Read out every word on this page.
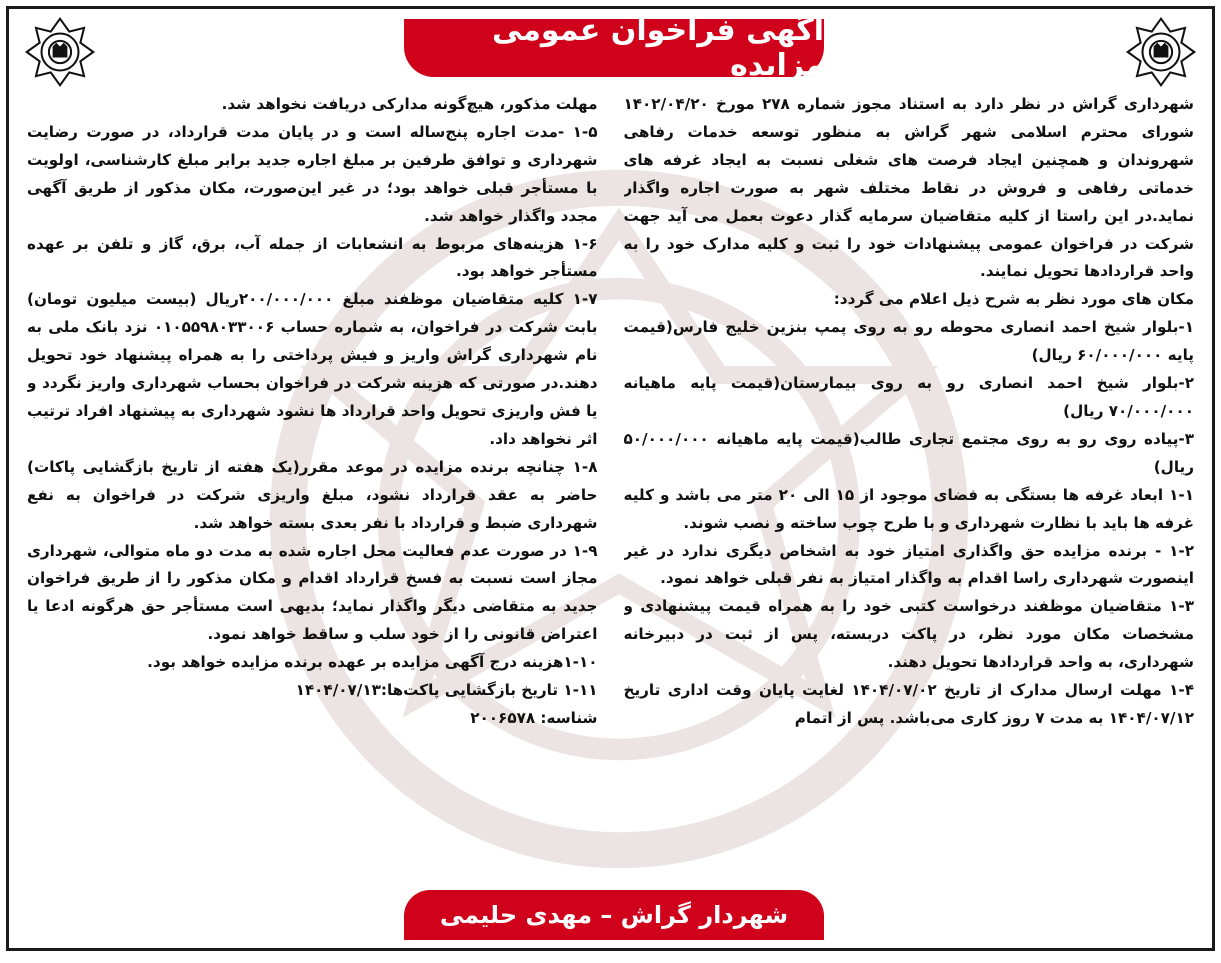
آگهی فراخوان عمومی مزایده

شهرداری گراش در نظر دارد به استناد مجوز شماره ۲۷۸ مورخ ۱۴۰۲/۰۴/۲۰ شورای محترم اسلامی شهر گراش به منظور توسعه خدمات رفاهی شهروندان و همچنین ایجاد فرصت های شغلی نسبت به ایجاد غرفه های خدماتی رفاهی و فروش در نقاط مختلف شهر به صورت اجاره واگذار نماید.در این راستا از کلیه متقاضیان سرمایه گذار دعوت بعمل می آید جهت شرکت در فراخوان عمومی پیشنهادات خود را ثبت و کلیه مدارک خود را به واحد قراردادها تحویل نمایند.

مکان های مورد نظر به شرح ذیل اعلام می گردد:

۱-بلوار شیخ احمد انصاری محوطه رو به روی پمپ بنزین خلیج فارس(قیمت پایه ۶۰/۰۰۰/۰۰۰ ریال)

۲-بلوار شیخ احمد انصاری رو به روی بیمارستان(قیمت پایه ماهیانه ۷۰/۰۰۰/۰۰۰ ریال)

۳-پیاده روی رو به روی مجتمع تجاری طالب(قیمت پایه ماهیانه ۵۰/۰۰۰/۰۰۰ ریال)

۱-۱ ابعاد غرفه ها بستگی به فضای موجود از ۱۵ الی ۲۰ متر می باشد و کلیه غرفه ها باید با نظارت شهرداری و با طرح چوب ساخته و نصب شوند.

۱-۲ - برنده مزایده حق واگذاری امتیاز خود به اشخاص دیگری ندارد در غیر اینصورت شهرداری راسا اقدام به واگذار امتیاز به نفر قبلی خواهد نمود.

۱-۳ متقاضیان موظفند درخواست کتبی خود را به همراه قیمت پیشنهادی و مشخصات مکان مورد نظر، در پاکت دربسته، پس از ثبت در دبیرخانه شهرداری، به واحد قراردادها تحویل دهند.

۱-۴ مهلت ارسال مدارک از تاریخ ۱۴۰۴/۰۷/۰۲ لغایت پایان وقت اداری تاریخ ۱۴۰۴/۰۷/۱۲ به مدت ۷ روز کاری می‌باشد. پس از اتمام

مهلت مذکور، هیچ‌گونه مدارکی دریافت نخواهد شد.

۱-۵ -مدت اجاره پنج‌ساله است و در پایان مدت قرارداد، در صورت رضایت شهرداری و توافق طرفین بر مبلغ اجاره جدید برابر مبلغ کارشناسی، اولویت با مستأجر قبلی خواهد بود؛ در غیر این‌صورت، مکان مذکور از طریق آگهی مجدد واگذار خواهد شد.

۱-۶ هزینه‌های مربوط به انشعابات از جمله آب، برق، گاز و تلفن بر عهده مستأجر خواهد بود.

۱-۷ کلیه متقاضیان موظفند مبلغ ۲۰۰/۰۰۰/۰۰۰ریال (بیست میلیون تومان) بابت شرکت در فراخوان، به شماره حساب ۰۱۰۵۵۹۸۰۳۳۰۰۶ نزد بانک ملی به نام شهرداری گراش واریز و فیش پرداختی را به همراه پیشنهاد خود تحویل دهند.در صورتی که هزینه شرکت در فراخوان بحساب شهرداری واریز نگردد و یا فش واریزی تحویل واحد قرارداد ها نشود شهرداری به پیشنهاد افراد ترتیب اثر نخواهد داد.

۱-۸ چنانچه برنده مزایده در موعد مقرر(یک هفته از تاریخ بازگشایی پاکات) حاضر به عقد قرارداد نشود، مبلغ واریزی شرکت در فراخوان به نفع شهرداری ضبط و قرارداد با نفر بعدی بسته خواهد شد.

۱-۹ در صورت عدم فعالیت محل اجاره شده به مدت دو ماه متوالی، شهرداری مجاز است نسبت به فسخ قرارداد اقدام و مکان مذکور را از طریق فراخوان جدید به متقاضی دیگر واگذار نماید؛ بدیهی است مستأجر حق هرگونه ادعا یا اعتراض قانونی را از خود سلب و ساقط خواهد نمود.

۱-۱۰هزینه درج آگهی مزایده بر عهده برنده مزایده خواهد بود.

۱-۱۱ تاریخ بازگشایی پاکت‌ها:۱۴۰۴/۰۷/۱۳

شناسه: ۲۰۰۶۵۷۸

شهردار گراش – مهدی حلیمی
